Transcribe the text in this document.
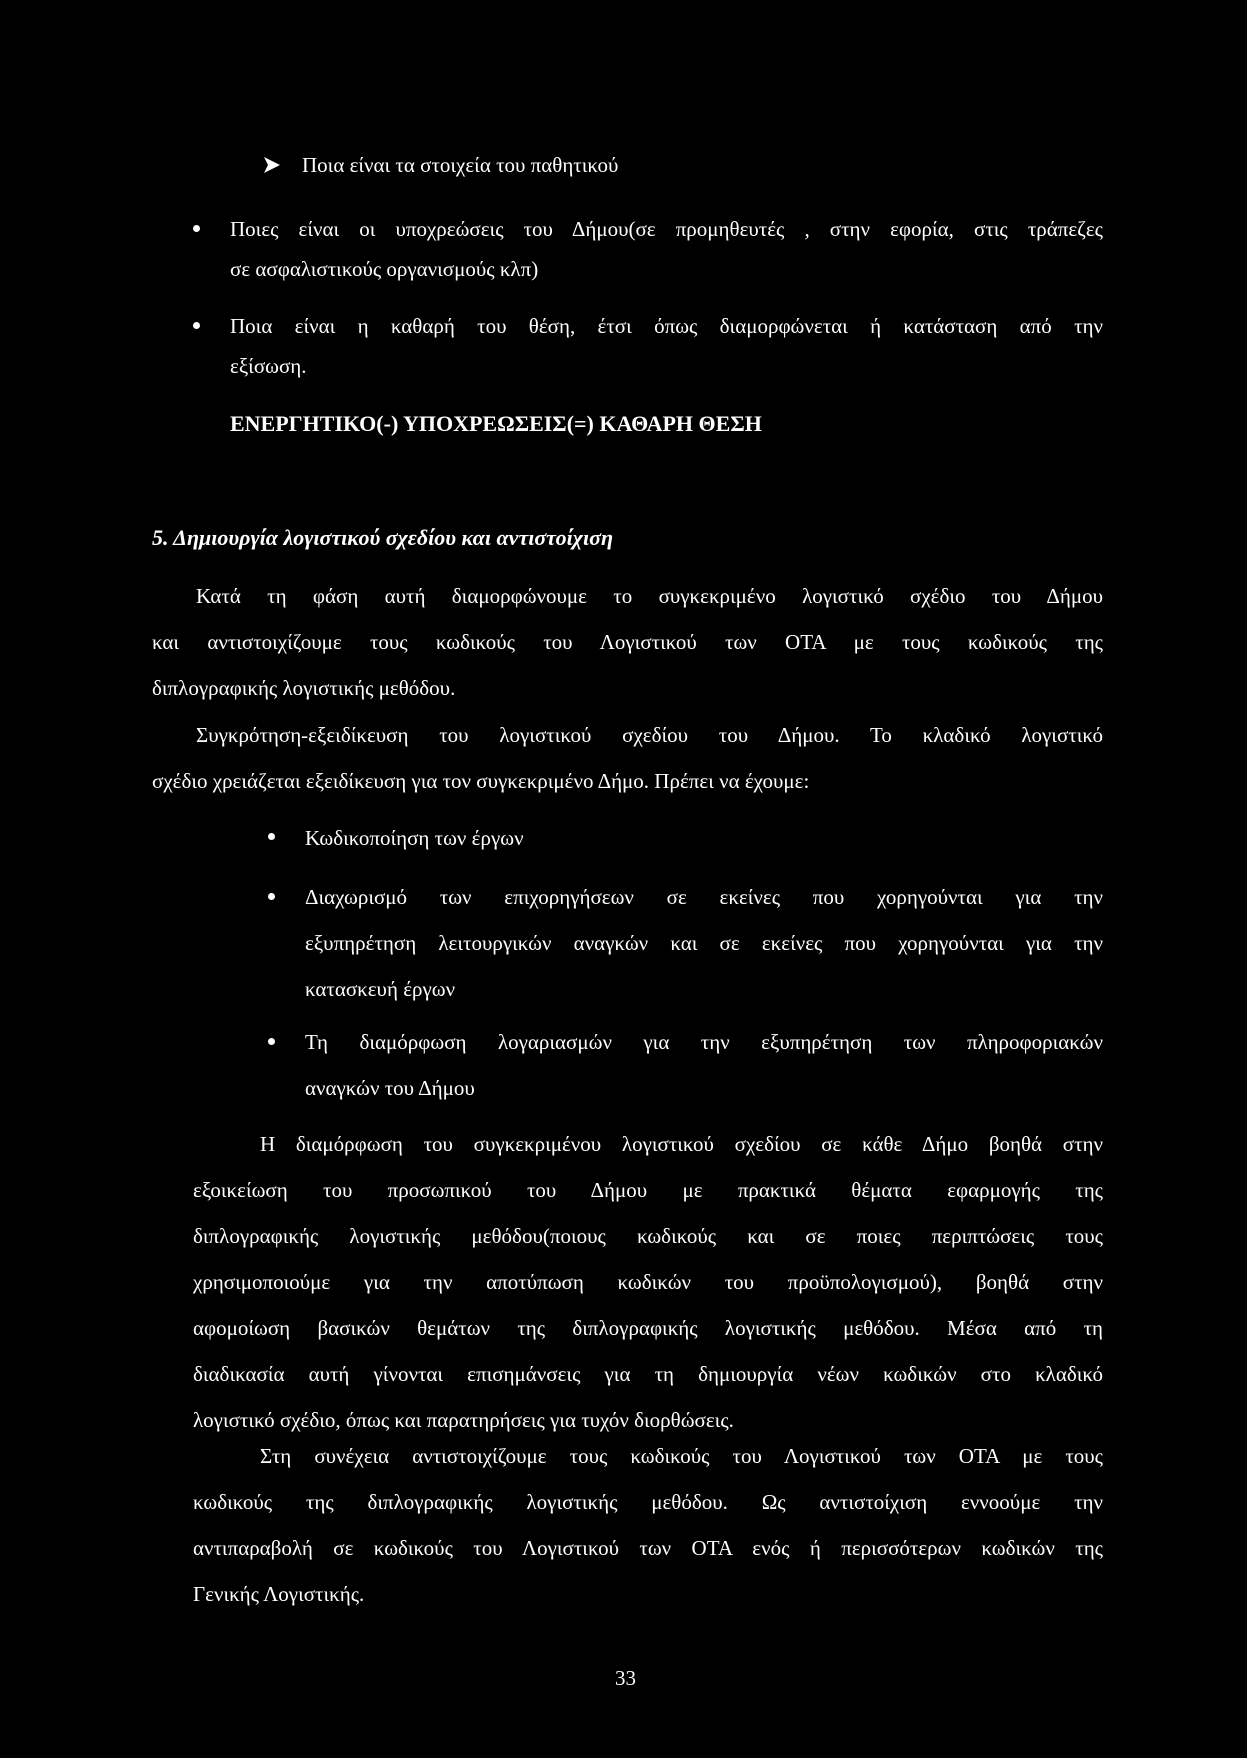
Ποια είναι τα στοιχεία του παθητικού
Ποιες είναι οι υποχρεώσεις του Δήμου(σε προμηθευτές , στην εφορία, στις τράπεζες
σε ασφαλιστικούς οργανισμούς κλπ)
Ποια είναι η καθαρή του θέση, έτσι όπως διαμορφώνεται ή κατάσταση από την
εξίσωση.
ΕΝΕΡΓΗΤΙΚΟ(-) ΥΠΟΧΡΕΩΣΕΙΣ(=) ΚΑΘΑΡΗ ΘΕΣΗ
5. Δημιουργία λογιστικού σχεδίου και αντιστοίχιση
Κατά τη φάση αυτή διαμορφώνουμε το συγκεκριμένο λογιστικό σχέδιο του Δήμου
και αντιστοιχίζουμε τους κωδικούς του Λογιστικού των ΟΤΑ με τους κωδικούς της
διπλογραφικής λογιστικής μεθόδου.
Συγκρότηση-εξειδίκευση του λογιστικού σχεδίου του Δήμου. Το κλαδικό λογιστικό
σχέδιο χρειάζεται εξειδίκευση για τον συγκεκριμένο Δήμο. Πρέπει να έχουμε:
Κωδικοποίηση των έργων
Διαχωρισμό των επιχορηγήσεων σε εκείνες που χορηγούνται για την
εξυπηρέτηση λειτουργικών αναγκών και σε εκείνες που χορηγούνται για την
κατασκευή έργων
Τη διαμόρφωση λογαριασμών για την εξυπηρέτηση των πληροφοριακών
αναγκών του Δήμου
Η διαμόρφωση του συγκεκριμένου λογιστικού σχεδίου σε κάθε Δήμο βοηθά στην
εξοικείωση του προσωπικού του Δήμου με πρακτικά θέματα εφαρμογής της
διπλογραφικής λογιστικής μεθόδου(ποιους κωδικούς και σε ποιες περιπτώσεις τους
χρησιμοποιούμε για την αποτύπωση κωδικών του προϋπολογισμού), βοηθά στην
αφομοίωση βασικών θεμάτων της διπλογραφικής λογιστικής μεθόδου. Μέσα από τη
διαδικασία αυτή γίνονται επισημάνσεις για τη δημιουργία νέων κωδικών στο κλαδικό
λογιστικό σχέδιο, όπως και παρατηρήσεις για τυχόν διορθώσεις.
Στη συνέχεια αντιστοιχίζουμε τους κωδικούς του Λογιστικού των ΟΤΑ με τους
κωδικούς της διπλογραφικής λογιστικής μεθόδου. Ως αντιστοίχιση εννοούμε την
αντιπαραβολή σε κωδικούς του Λογιστικού των ΟΤΑ ενός ή περισσότερων κωδικών της
Γενικής Λογιστικής.
33
